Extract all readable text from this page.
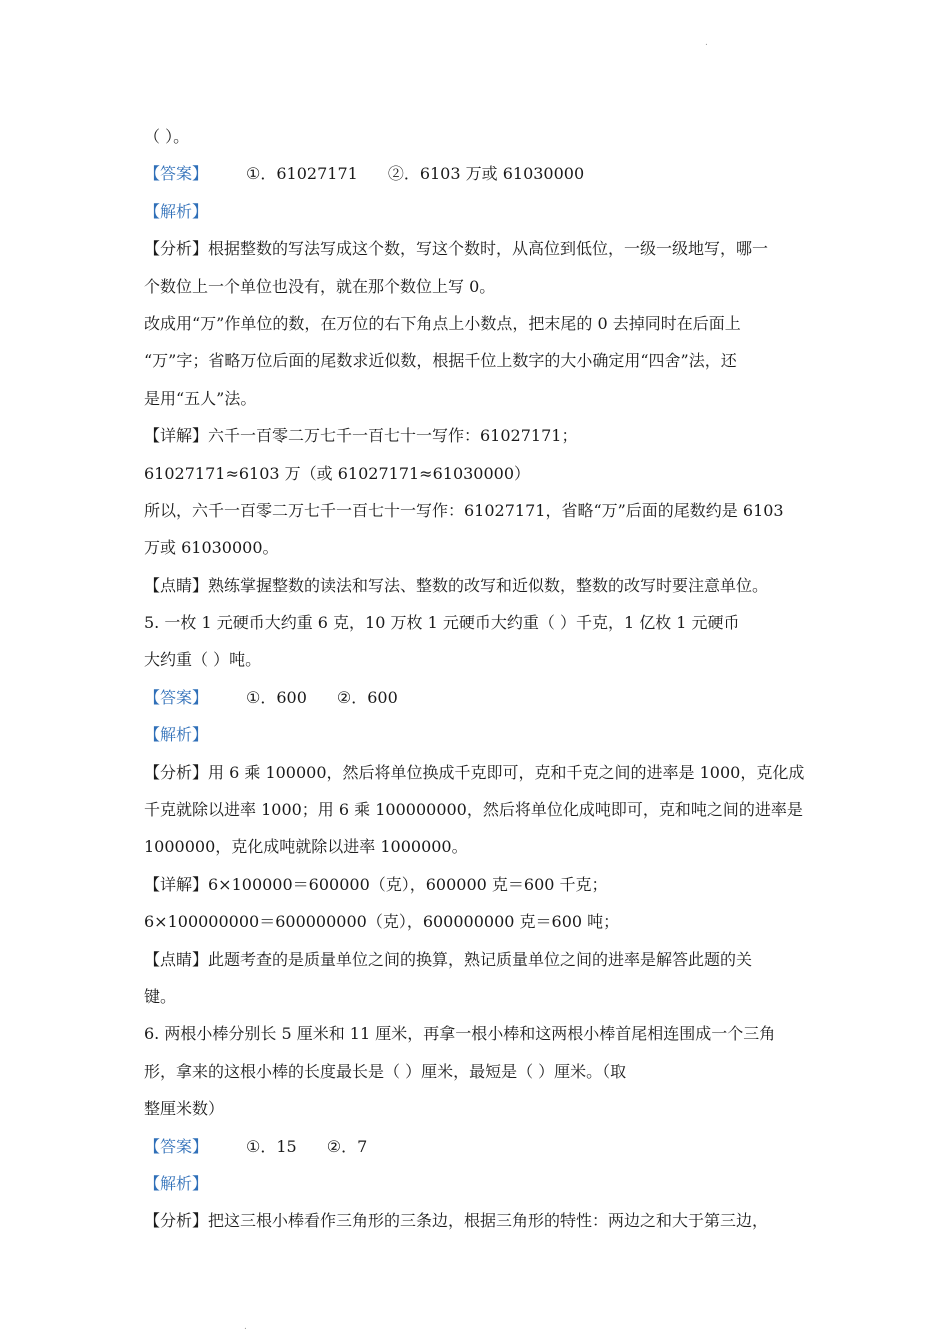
.
（ ）。
【答案】 ①．61027171 ②．6103 万或 61030000
【解析】
【分析】根据整数的写法写成这个数，写这个数时，从高位到低位，一级一级地写，哪一
个数位上一个单位也没有，就在那个数位上写 0。
改成用“万”作单位的数，在万位的右下角点上小数点，把末尾的 0 去掉同时在后面上
“万”字；省略万位后面的尾数求近似数，根据千位上数字的大小确定用“四舍”法，还
是用“五人”法。
【详解】六千一百零二万七千一百七十一写作：61027171；
61027171≈6103 万（或 61027171≈61030000）
所以，六千一百零二万七千一百七十一写作：61027171，省略“万”后面的尾数约是 6103
万或 61030000。
【点睛】熟练掌握整数的读法和写法、整数的改写和近似数，整数的改写时要注意单位。
5. 一枚 1 元硬币大约重 6 克，10 万枚 1 元硬币大约重（ ）千克，1 亿枚 1 元硬币
大约重（ ）吨。
【答案】 ①．600 ②．600
【解析】
【分析】用 6 乘 100000，然后将单位换成千克即可，克和千克之间的进率是 1000，克化成
千克就除以进率 1000；用 6 乘 100000000，然后将单位化成吨即可，克和吨之间的进率是
1000000，克化成吨就除以进率 1000000。
【详解】6×100000＝600000（克），600000 克＝600 千克；
6×100000000＝600000000（克），600000000 克＝600 吨；
【点睛】此题考查的是质量单位之间的换算，熟记质量单位之间的进率是解答此题的关
键。
6. 两根小棒分别长 5 厘米和 11 厘米，再拿一根小棒和这两根小棒首尾相连围成一个三角
形，拿来的这根小棒的长度最长是（ ）厘米，最短是（ ）厘米。（取
整厘米数）
【答案】 ①．15 ②．7
【解析】
【分析】把这三根小棒看作三角形的三条边，根据三角形的特性：两边之和大于第三边，
.
